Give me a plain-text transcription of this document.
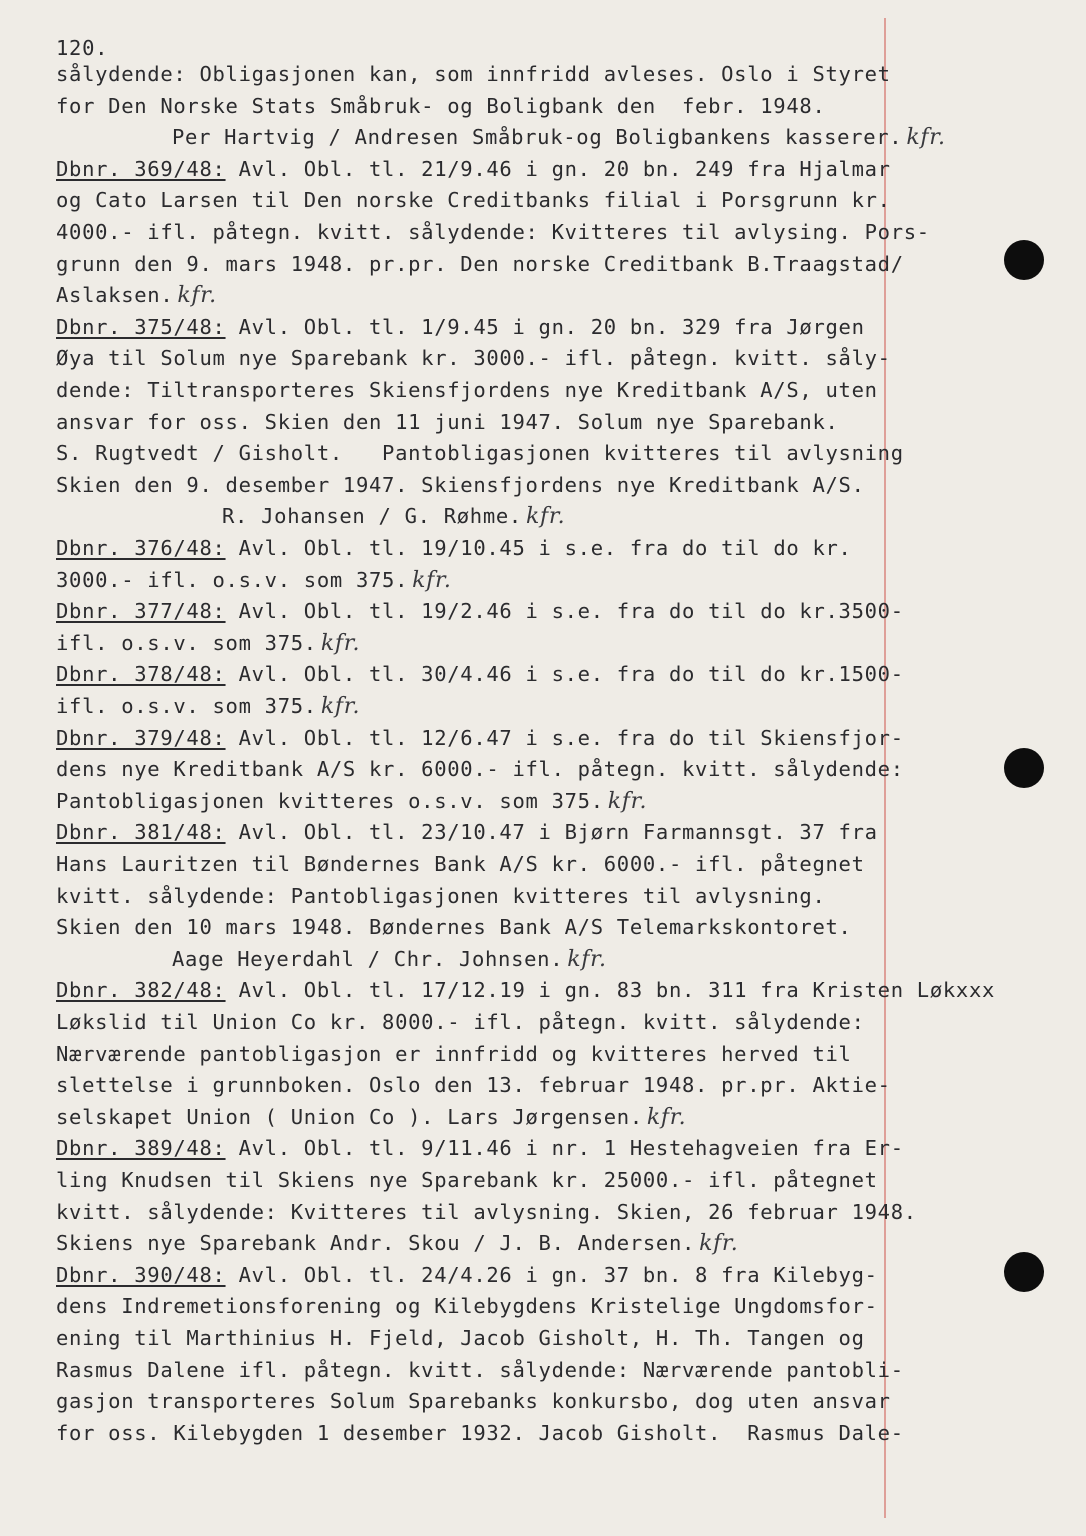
120.
sålydende: Obligasjonen kan, som innfridd avleses. Oslo i Styret
for Den Norske Stats Småbruk- og Boligbank den  febr. 1948.
Per Hartvig / Andresen Småbruk-og Boligbankens kasserer. kfr.
Dbnr. 369/48: Avl. Obl. tl. 21/9.46 i gn. 20 bn. 249 fra Hjalmar
og Cato Larsen til Den norske Creditbanks filial i Porsgrunn kr.
4000.- ifl. påtegn. kvitt. sålydende: Kvitteres til avlysing. Pors-
grunn den 9. mars 1948. pr.pr. Den norske Creditbank B.Traagstad/
Aslaksen. kfr.
Dbnr. 375/48: Avl. Obl. tl. 1/9.45 i gn. 20 bn. 329 fra Jørgen
Øya til Solum nye Sparebank kr. 3000.- ifl. påtegn. kvitt. såly-
dende: Tiltransporteres Skiensfjordens nye Kreditbank A/S, uten
ansvar for oss. Skien den 11 juni 1947. Solum nye Sparebank.
S. Rugtvedt / Gisholt.   Pantobligasjonen kvitteres til avlysning
Skien den 9. desember 1947. Skiensfjordens nye Kreditbank A/S.
R. Johansen / G. Røhme. kfr.
Dbnr. 376/48: Avl. Obl. tl. 19/10.45 i s.e. fra do til do kr.
3000.- ifl. o.s.v. som 375. kfr.
Dbnr. 377/48: Avl. Obl. tl. 19/2.46 i s.e. fra do til do kr.3500-
ifl. o.s.v. som 375. kfr.
Dbnr. 378/48: Avl. Obl. tl. 30/4.46 i s.e. fra do til do kr.1500-
ifl. o.s.v. som 375. kfr.
Dbnr. 379/48: Avl. Obl. tl. 12/6.47 i s.e. fra do til Skiensfjor-
dens nye Kreditbank A/S kr. 6000.- ifl. påtegn. kvitt. sålydende:
Pantobligasjonen kvitteres o.s.v. som 375. kfr.
Dbnr. 381/48: Avl. Obl. tl. 23/10.47 i Bjørn Farmannsgt. 37 fra
Hans Lauritzen til Bøndernes Bank A/S kr. 6000.- ifl. påtegnet
kvitt. sålydende: Pantobligasjonen kvitteres til avlysning.
Skien den 10 mars 1948. Bøndernes Bank A/S Telemarkskontoret.
Aage Heyerdahl / Chr. Johnsen. kfr.
Dbnr. 382/48: Avl. Obl. tl. 17/12.19 i gn. 83 bn. 311 fra Kristen Løkxxx
Løkslid til Union Co kr. 8000.- ifl. påtegn. kvitt. sålydende:
Nærværende pantobligasjon er innfridd og kvitteres herved til
slettelse i grunnboken. Oslo den 13. februar 1948. pr.pr. Aktie-
selskapet Union ( Union Co ). Lars Jørgensen. kfr.
Dbnr. 389/48: Avl. Obl. tl. 9/11.46 i nr. 1 Hestehagveien fra Er-
ling Knudsen til Skiens nye Sparebank kr. 25000.- ifl. påtegnet
kvitt. sålydende: Kvitteres til avlysning. Skien, 26 februar 1948.
Skiens nye Sparebank Andr. Skou / J. B. Andersen. kfr.
Dbnr. 390/48: Avl. Obl. tl. 24/4.26 i gn. 37 bn. 8 fra Kilebyg-
dens Indremetionsforening og Kilebygdens Kristelige Ungdomsfor-
ening til Marthinius H. Fjeld, Jacob Gisholt, H. Th. Tangen og
Rasmus Dalene ifl. påtegn. kvitt. sålydende: Nærværende pantobli-
gasjon transporteres Solum Sparebanks konkursbo, dog uten ansvar
for oss. Kilebygden 1 desember 1932. Jacob Gisholt.  Rasmus Dale-
